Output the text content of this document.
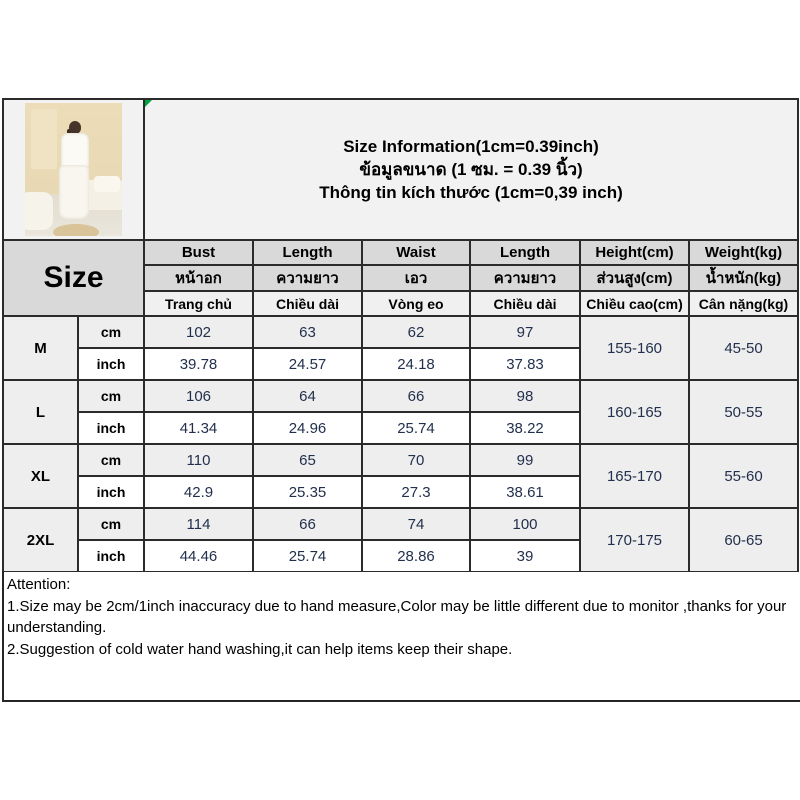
		Size Information(1cm=0.39inch)
ข้อมูลขนาด (1 ซม. = 0.39 นิ้ว)
Thông tin kích thước (1cm=0,39 inch)					

Size		Bust	Length	Waist	Length	Height(cm)	Weight(kg)
		หน้าอก	ความยาว	เอว	ความยาว	ส่วนสูง(cm)	น้ำหนัก(kg)
		Trang chủ	Chiều dài	Vòng eo	Chiều dài	Chiều cao(cm)	Cân nặng(kg)
M	cm	102	63	62	97	155-160	45-50
	inch	39.78	24.57	24.18	37.83		
L	cm	106	64	66	98	160-165	50-55
	inch	41.34	24.96	25.74	38.22		
XL	cm	110	65	70	99	165-170	55-60
	inch	42.9	25.35	27.3	38.61		
2XL	cm	114	66	74	100	170-175	60-65
	inch	44.46	25.74	28.86	39		
Attention:
1.Size may be 2cm/1inch inaccuracy due to hand measure,Color may be little different due to monitor ,thanks for your understanding.
2.Suggestion of cold water hand washing,it can help items keep their shape.
